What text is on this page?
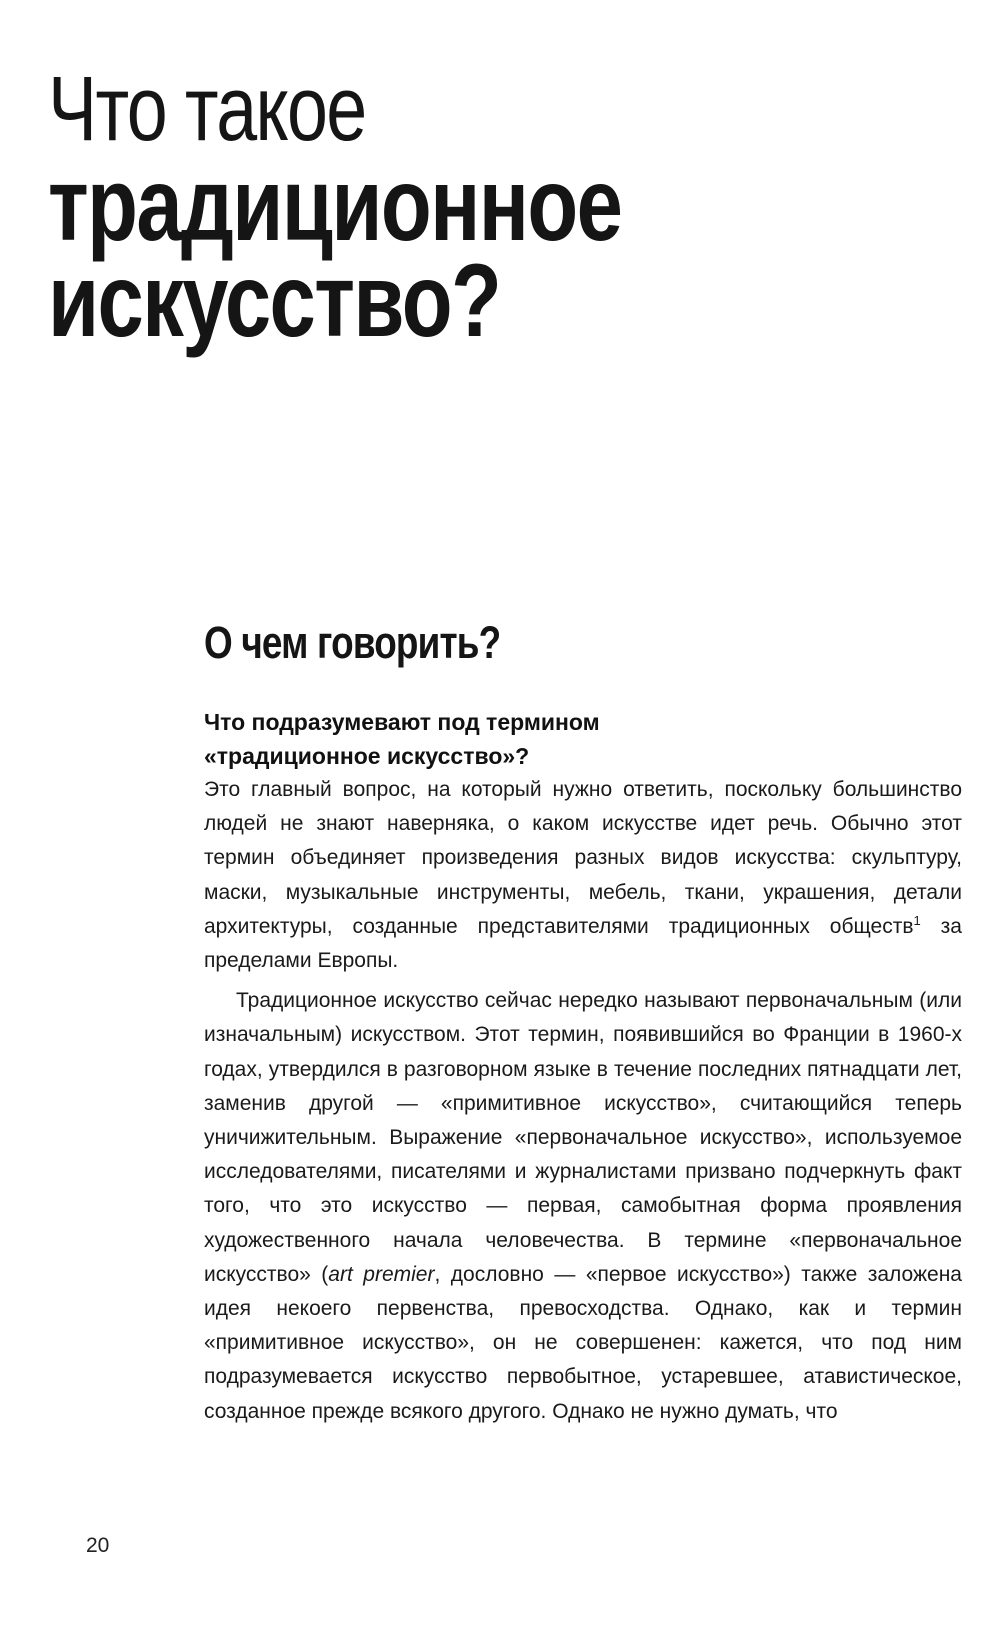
Что такое
традиционное
искусство?
О чем говорить?
Что подразумевают под термином
«традиционное искусство»?

Это главный вопрос, на который нужно ответить, поскольку большинство людей не знают наверняка, о каком искусстве идет речь. Обычно этот термин объединяет произведения разных видов искусства: скульптуру, маски, музыкальные инструменты, мебель, ткани, украшения, детали архитектуры, созданные представителями традиционных обществ$^1$ за пределами Европы.

Традиционное искусство сейчас нередко называют первоначальным (или изначальным) искусством. Этот термин, появившийся во Франции в 1960-х годах, утвердился в разговорном языке в течение последних пятнадцати лет, заменив другой — «примитивное искусство», считающийся теперь уничижительным. Выражение «первоначальное искусство», используемое исследователями, писателями и журналистами призвано подчеркнуть факт того, что это искусство — первая, самобытная форма проявления художественного начала человечества. В термине «первоначальное искусство» (art premier, дословно — «первое искусство») также заложена идея некоего первенства, превосходства. Однако, как и термин «примитивное искусство», он не совершенен: кажется, что под ним подразумевается искусство первобытное, устаревшее, атавистическое, созданное прежде всякого другого. Однако не нужно думать, что

20
